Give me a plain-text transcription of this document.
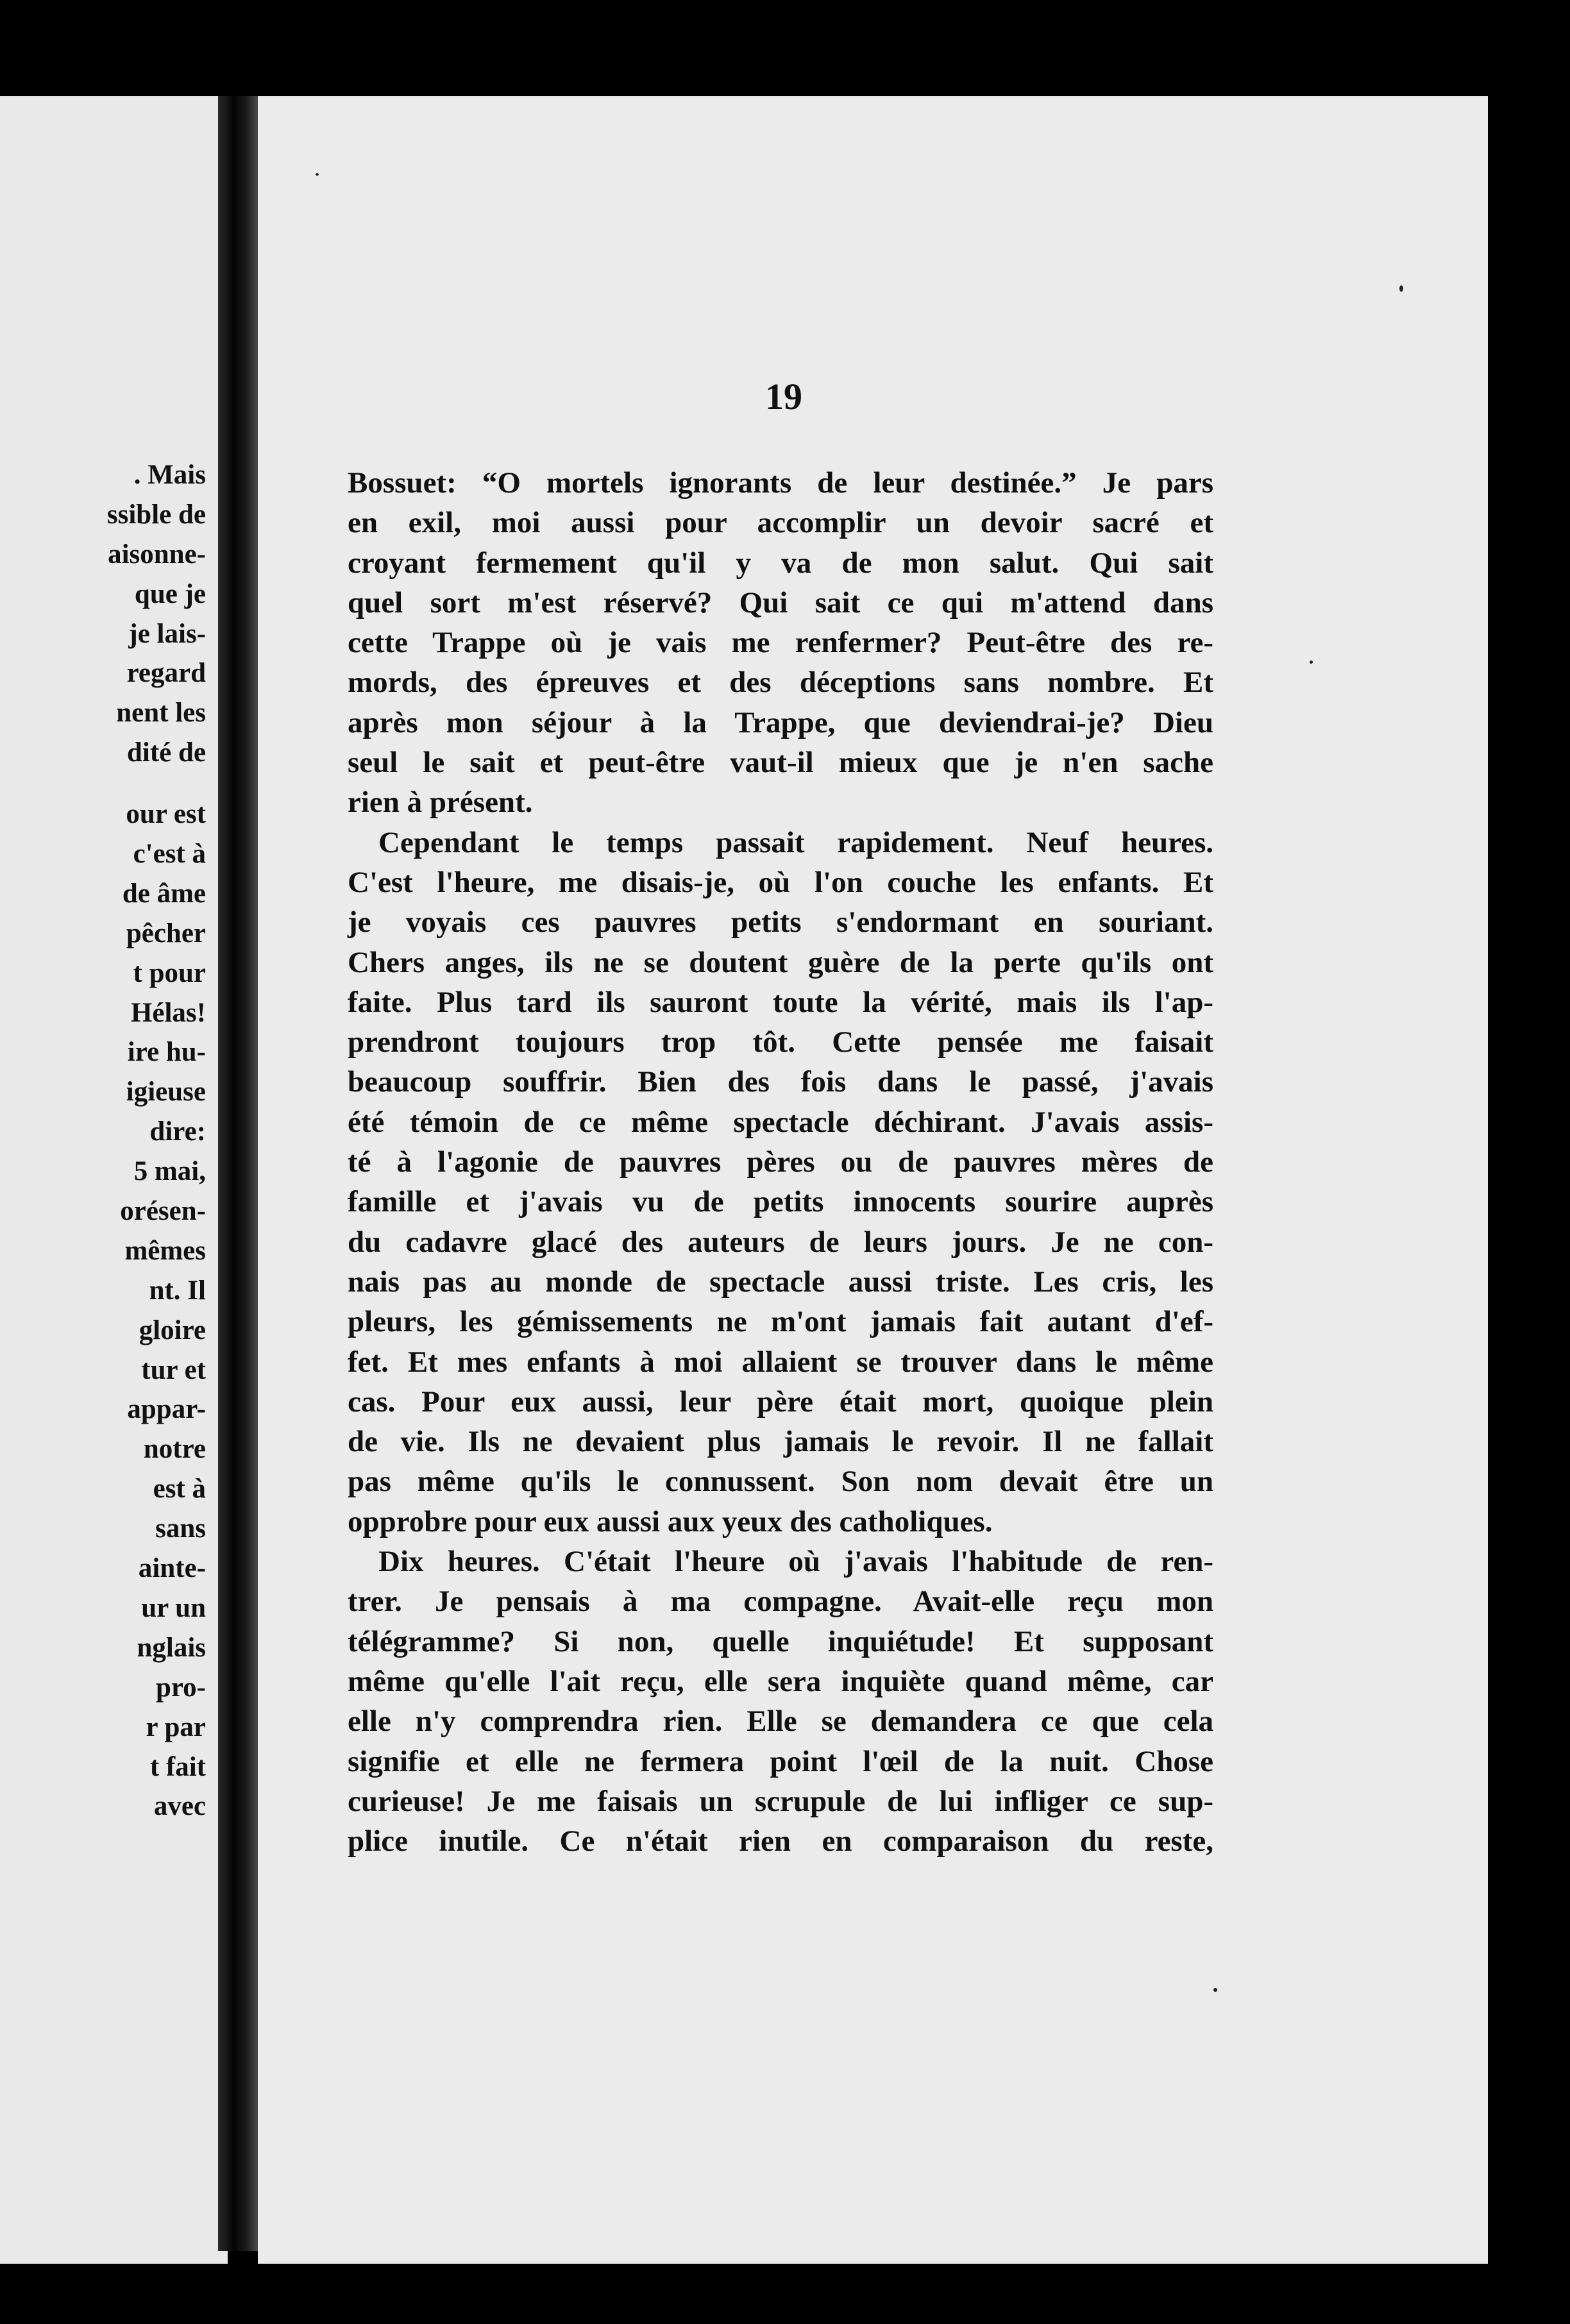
. Mais
ssible de
aisonne-
que je
je lais-
regard
nent les
dité de
our est
c'est à
de âme
pêcher
t pour
Hélas!
ire hu-
igieuse
dire:
5 mai,
orésen-
mêmes
nt. Il
gloire
tur et
appar-
notre
est à
sans
ainte-
ur un
nglais
pro-
r par
t fait
avec
19
Bossuet: “O mortels ignorants de leur destinée.” Je pars
en exil, moi aussi pour accomplir un devoir sacré et
croyant fermement qu'il y va de mon salut. Qui sait
quel sort m'est réservé? Qui sait ce qui m'attend dans
cette Trappe où je vais me renfermer? Peut-être des re-
mords, des épreuves et des déceptions sans nombre. Et
après mon séjour à la Trappe, que deviendrai-je? Dieu
seul le sait et peut-être vaut-il mieux que je n'en sache
rien à présent.
Cependant le temps passait rapidement. Neuf heures.
C'est l'heure, me disais-je, où l'on couche les enfants. Et
je voyais ces pauvres petits s'endormant en souriant.
Chers anges, ils ne se doutent guère de la perte qu'ils ont
faite. Plus tard ils sauront toute la vérité, mais ils l'ap-
prendront toujours trop tôt. Cette pensée me faisait
beaucoup souffrir. Bien des fois dans le passé, j'avais
été témoin de ce même spectacle déchirant. J'avais assis-
té à l'agonie de pauvres pères ou de pauvres mères de
famille et j'avais vu de petits innocents sourire auprès
du cadavre glacé des auteurs de leurs jours. Je ne con-
nais pas au monde de spectacle aussi triste. Les cris, les
pleurs, les gémissements ne m'ont jamais fait autant d'ef-
fet. Et mes enfants à moi allaient se trouver dans le même
cas. Pour eux aussi, leur père était mort, quoique plein
de vie. Ils ne devaient plus jamais le revoir. Il ne fallait
pas même qu'ils le connussent. Son nom devait être un
opprobre pour eux aussi aux yeux des catholiques.
Dix heures. C'était l'heure où j'avais l'habitude de ren-
trer. Je pensais à ma compagne. Avait-elle reçu mon
télégramme? Si non, quelle inquiétude! Et supposant
même qu'elle l'ait reçu, elle sera inquiète quand même, car
elle n'y comprendra rien. Elle se demandera ce que cela
signifie et elle ne fermera point l'œil de la nuit. Chose
curieuse! Je me faisais un scrupule de lui infliger ce sup-
plice inutile. Ce n'était rien en comparaison du reste,
